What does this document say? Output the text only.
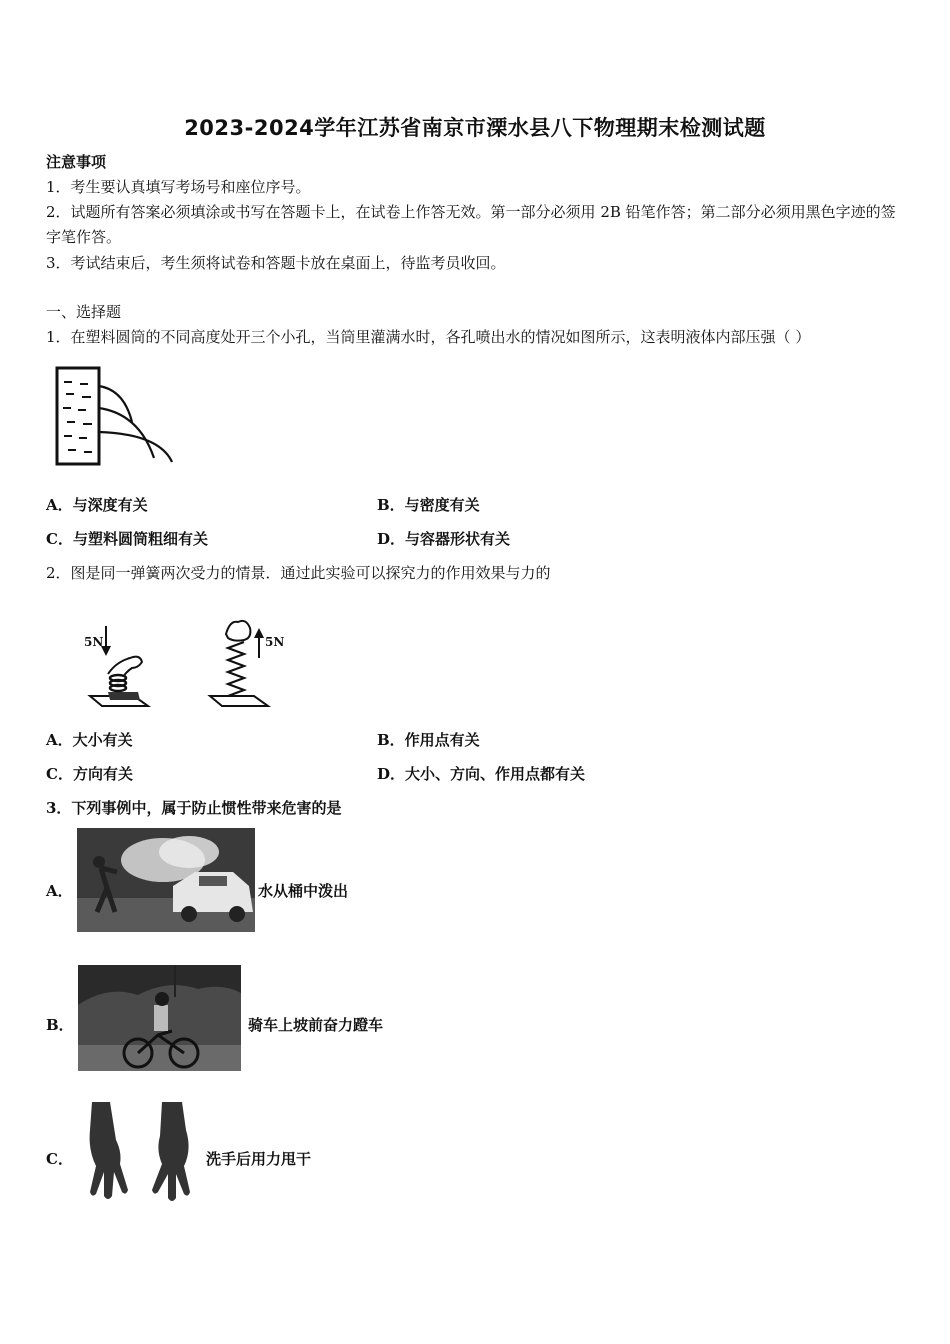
2023-2024学年江苏省南京市溧水县八下物理期末检测试题
注意事项
1．考生要认真填写考场号和座位序号。
2．试题所有答案必须填涂或书写在答题卡上，在试卷上作答无效。第一部分必须用 2B 铅笔作答；第二部分必须用黑色字迹的签字笔作答。
3．考试结束后，考生须将试卷和答题卡放在桌面上，待监考员收回。
一、选择题
1．在塑料圆筒的不同高度处开三个小孔，当筒里灌满水时，各孔喷出水的情况如图所示，这表明液体内部压强（ ）
A．与深度有关	B．与密度有关
C．与塑料圆筒粗细有关	D．与容器形状有关
2．图是同一弹簧两次受力的情景．通过此实验可以探究力的作用效果与力的
5N	5N
A．大小有关	B．作用点有关
C．方向有关	D．大小、方向、作用点都有关
3．下列事例中，属于防止惯性带来危害的是
A．	水从桶中泼出
B．	骑车上坡前奋力蹬车
C．	洗手后用力甩干
